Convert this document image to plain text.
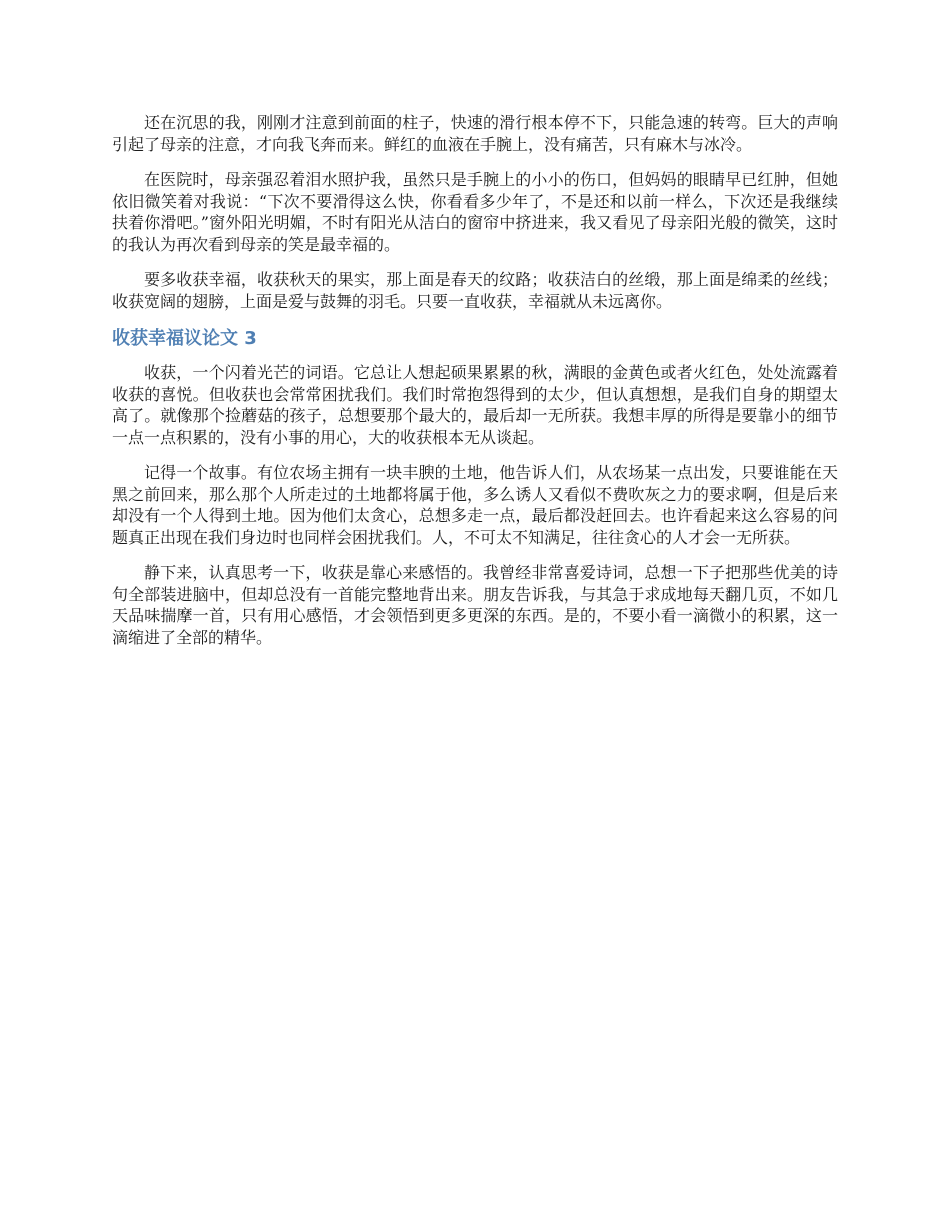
还在沉思的我，刚刚才注意到前面的柱子，快速的滑行根本停不下，只能急速的转弯。巨大的声响引起了母亲的注意，才向我飞奔而来。鲜红的血液在手腕上，没有痛苦，只有麻木与冰冷。

在医院时，母亲强忍着泪水照护我，虽然只是手腕上的小小的伤口，但妈妈的眼睛早已红肿，但她依旧微笑着对我说：“下次不要滑得这么快，你看看多少年了，不是还和以前一样么，下次还是我继续扶着你滑吧。”窗外阳光明媚，不时有阳光从洁白的窗帘中挤进来，我又看见了母亲阳光般的微笑，这时的我认为再次看到母亲的笑是最幸福的。

要多收获幸福，收获秋天的果实，那上面是春天的纹路；收获洁白的丝缎，那上面是绵柔的丝线；收获宽阔的翅膀，上面是爱与鼓舞的羽毛。只要一直收获，幸福就从未远离你。

收获幸福议论文 3

收获，一个闪着光芒的词语。它总让人想起硕果累累的秋，满眼的金黄色或者火红色，处处流露着收获的喜悦。但收获也会常常困扰我们。我们时常抱怨得到的太少，但认真想想，是我们自身的期望太高了。就像那个捡蘑菇的孩子，总想要那个最大的，最后却一无所获。我想丰厚的所得是要靠小的细节一点一点积累的，没有小事的用心，大的收获根本无从谈起。

记得一个故事。有位农场主拥有一块丰腴的土地，他告诉人们，从农场某一点出发，只要谁能在天黑之前回来，那么那个人所走过的土地都将属于他，多么诱人又看似不费吹灰之力的要求啊，但是后来却没有一个人得到土地。因为他们太贪心，总想多走一点，最后都没赶回去。也许看起来这么容易的问题真正出现在我们身边时也同样会困扰我们。人，不可太不知满足，往往贪心的人才会一无所获。

静下来，认真思考一下，收获是靠心来感悟的。我曾经非常喜爱诗词，总想一下子把那些优美的诗句全部装进脑中，但却总没有一首能完整地背出来。朋友告诉我，与其急于求成地每天翻几页，不如几天品味揣摩一首，只有用心感悟，才会领悟到更多更深的东西。是的，不要小看一滴微小的积累，这一滴缩进了全部的精华。
